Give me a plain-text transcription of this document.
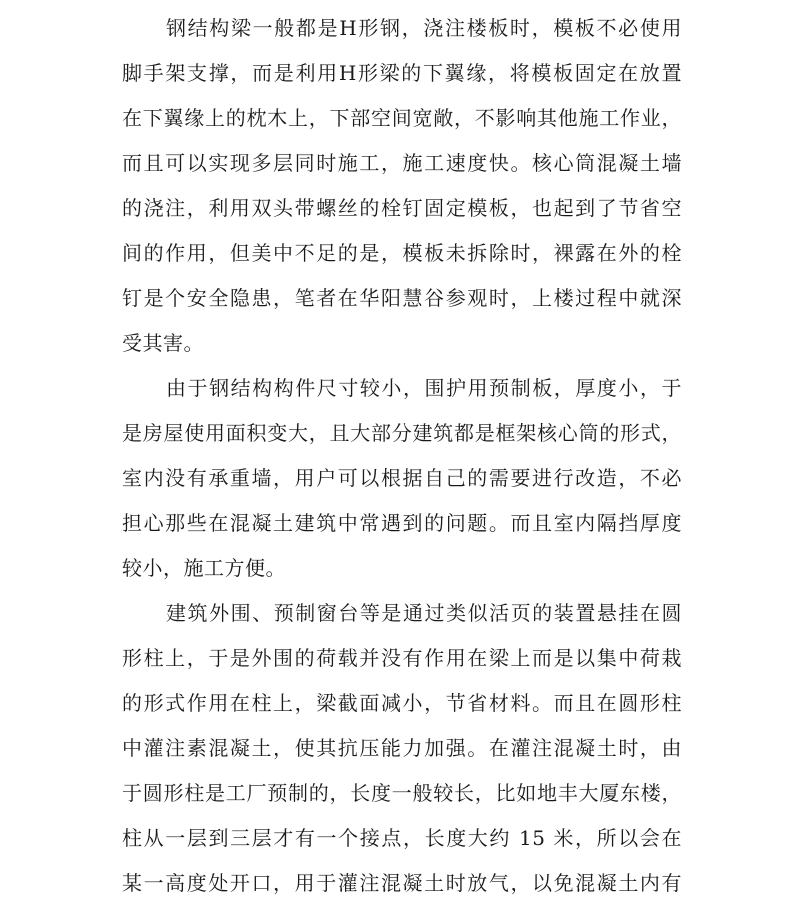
钢结构梁一般都是H形钢，浇注楼板时，模板不必使用
脚手架支撑，而是利用H形梁的下翼缘，将模板固定在放置
在下翼缘上的枕木上，下部空间宽敞，不影响其他施工作业，
而且可以实现多层同时施工，施工速度快。核心筒混凝土墙
的浇注，利用双头带螺丝的栓钉固定模板，也起到了节省空
间的作用，但美中不足的是，模板未拆除时，裸露在外的栓
钉是个安全隐患，笔者在华阳慧谷参观时，上楼过程中就深
受其害。
由于钢结构构件尺寸较小，围护用预制板，厚度小，于
是房屋使用面积变大，且大部分建筑都是框架核心筒的形式，
室内没有承重墙，用户可以根据自己的需要进行改造，不必
担心那些在混凝土建筑中常遇到的问题。而且室内隔挡厚度
较小，施工方便。
建筑外围、预制窗台等是通过类似活页的装置悬挂在圆
形柱上，于是外围的荷载并没有作用在梁上而是以集中荷栽
的形式作用在柱上，梁截面减小，节省材料。而且在圆形柱
中灌注素混凝土，使其抗压能力加强。在灌注混凝土时，由
于圆形柱是工厂预制的，长度一般较长，比如地丰大厦东楼，
柱从一层到三层才有一个接点，长度大约 15 米，所以会在
某一高度处开口，用于灌注混凝土时放气，以免混凝土内有
